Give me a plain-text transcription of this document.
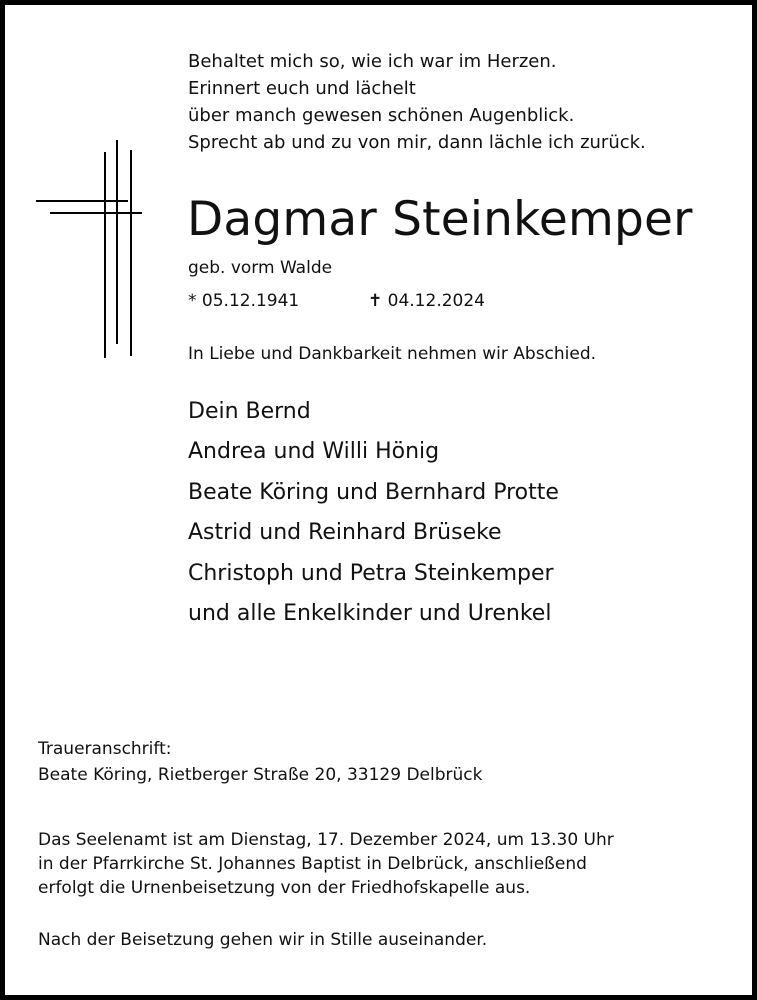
Behaltet mich so, wie ich war im Herzen.
Erinnert euch und lächelt
über manch gewesen schönen Augenblick.
Sprecht ab und zu von mir, dann lächle ich zurück.
Dagmar Steinkemper
geb. vorm Walde
* 05.12.1941	✝ 04.12.2024
In Liebe und Dankbarkeit nehmen wir Abschied.
Dein Bernd
Andrea und Willi Hönig
Beate Köring und Bernhard Protte
Astrid und Reinhard Brüseke
Christoph und Petra Steinkemper
und alle Enkelkinder und Urenkel
Traueranschrift:
Beate Köring, Rietberger Straße 20, 33129 Delbrück
Das Seelenamt ist am Dienstag, 17. Dezember 2024, um 13.30 Uhr
in der Pfarrkirche St. Johannes Baptist in Delbrück, anschließend
erfolgt die Urnenbeisetzung von der Friedhofskapelle aus.
Nach der Beisetzung gehen wir in Stille auseinander.
